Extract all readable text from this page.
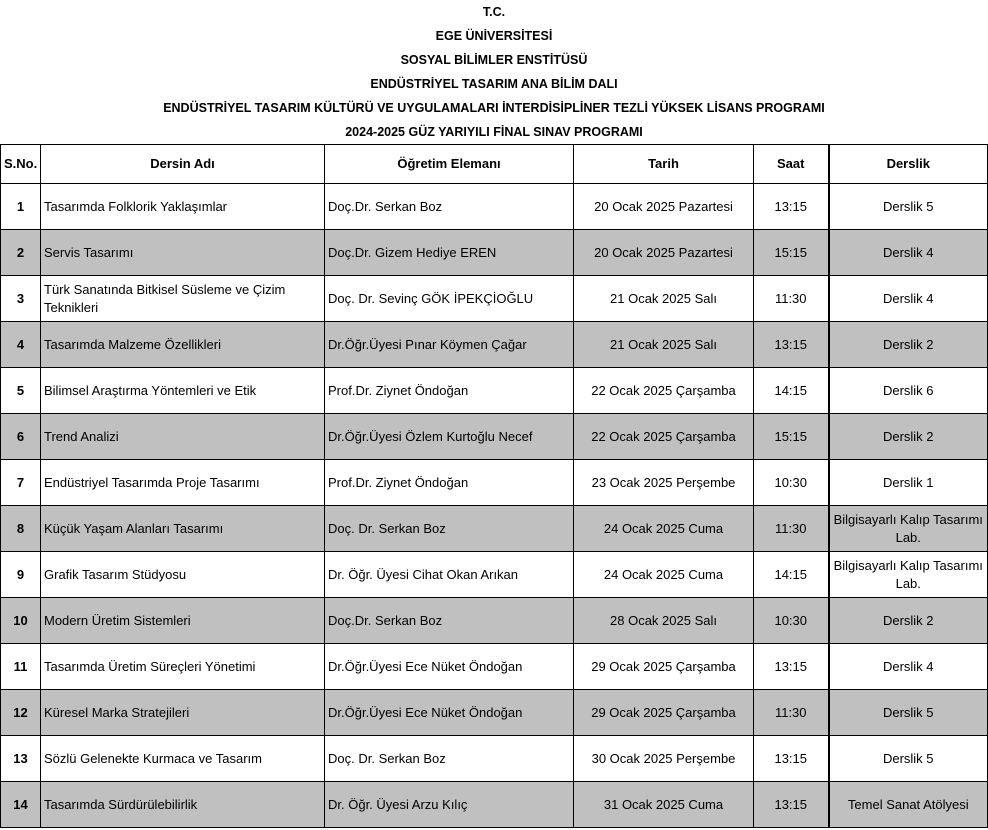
T.C.
EGE ÜNİVERSİTESİ
SOSYAL BİLİMLER ENSTİTÜSÜ
ENDÜSTRİYEL TASARIM ANA BİLİM DALI
ENDÜSTRİYEL TASARIM KÜLTÜRÜ VE UYGULAMALARI İNTERDİSİPLİNER TEZLİ YÜKSEK LİSANS PROGRAMI
2024-2025 GÜZ YARIYILI FİNAL SINAV PROGRAMI
S.No.	Dersin Adı	Öğretim Elemanı	Tarih	Saat	Derslik
1	Tasarımda Folklorik Yaklaşımlar	Doç.Dr. Serkan Boz	20 Ocak 2025 Pazartesi	13:15	Derslik 5
2	Servis Tasarımı	Doç.Dr. Gizem Hediye EREN	20 Ocak 2025 Pazartesi	15:15	Derslik 4
3	Türk Sanatında Bitkisel Süsleme ve Çizim Teknikleri	Doç. Dr. Sevinç GÖK İPEKÇİOĞLU	21 Ocak 2025 Salı	11:30	Derslik 4
4	Tasarımda Malzeme Özellikleri	Dr.Öğr.Üyesi Pınar Köymen Çağar	21 Ocak 2025 Salı	13:15	Derslik 2
5	Bilimsel Araştırma Yöntemleri ve Etik	Prof.Dr. Ziynet Öndoğan	22 Ocak 2025 Çarşamba	14:15	Derslik 6
6	Trend Analizi	Dr.Öğr.Üyesi Özlem Kurtoğlu Necef	22 Ocak 2025 Çarşamba	15:15	Derslik 2
7	Endüstriyel Tasarımda Proje Tasarımı	Prof.Dr. Ziynet Öndoğan	23 Ocak 2025 Perşembe	10:30	Derslik 1
8	Küçük Yaşam Alanları Tasarımı	Doç. Dr. Serkan Boz	24 Ocak 2025 Cuma	11:30	Bilgisayarlı Kalıp Tasarımı Lab.
9	Grafik Tasarım Stüdyosu	Dr. Öğr. Üyesi Cihat Okan Arıkan	24 Ocak 2025 Cuma	14:15	Bilgisayarlı Kalıp Tasarımı Lab.
10	Modern Üretim Sistemleri	Doç.Dr. Serkan Boz	28 Ocak 2025 Salı	10:30	Derslik 2
11	Tasarımda Üretim Süreçleri Yönetimi	Dr.Öğr.Üyesi Ece Nüket Öndoğan	29 Ocak 2025 Çarşamba	13:15	Derslik 4
12	Küresel Marka Stratejileri	Dr.Öğr.Üyesi Ece Nüket Öndoğan	29 Ocak 2025 Çarşamba	11:30	Derslik 5
13	Sözlü Gelenekte Kurmaca ve Tasarım	Doç. Dr. Serkan Boz	30 Ocak 2025 Perşembe	13:15	Derslik 5
14	Tasarımda Sürdürülebilirlik	Dr. Öğr. Üyesi Arzu Kılıç	31 Ocak 2025 Cuma	13:15	Temel Sanat Atölyesi
